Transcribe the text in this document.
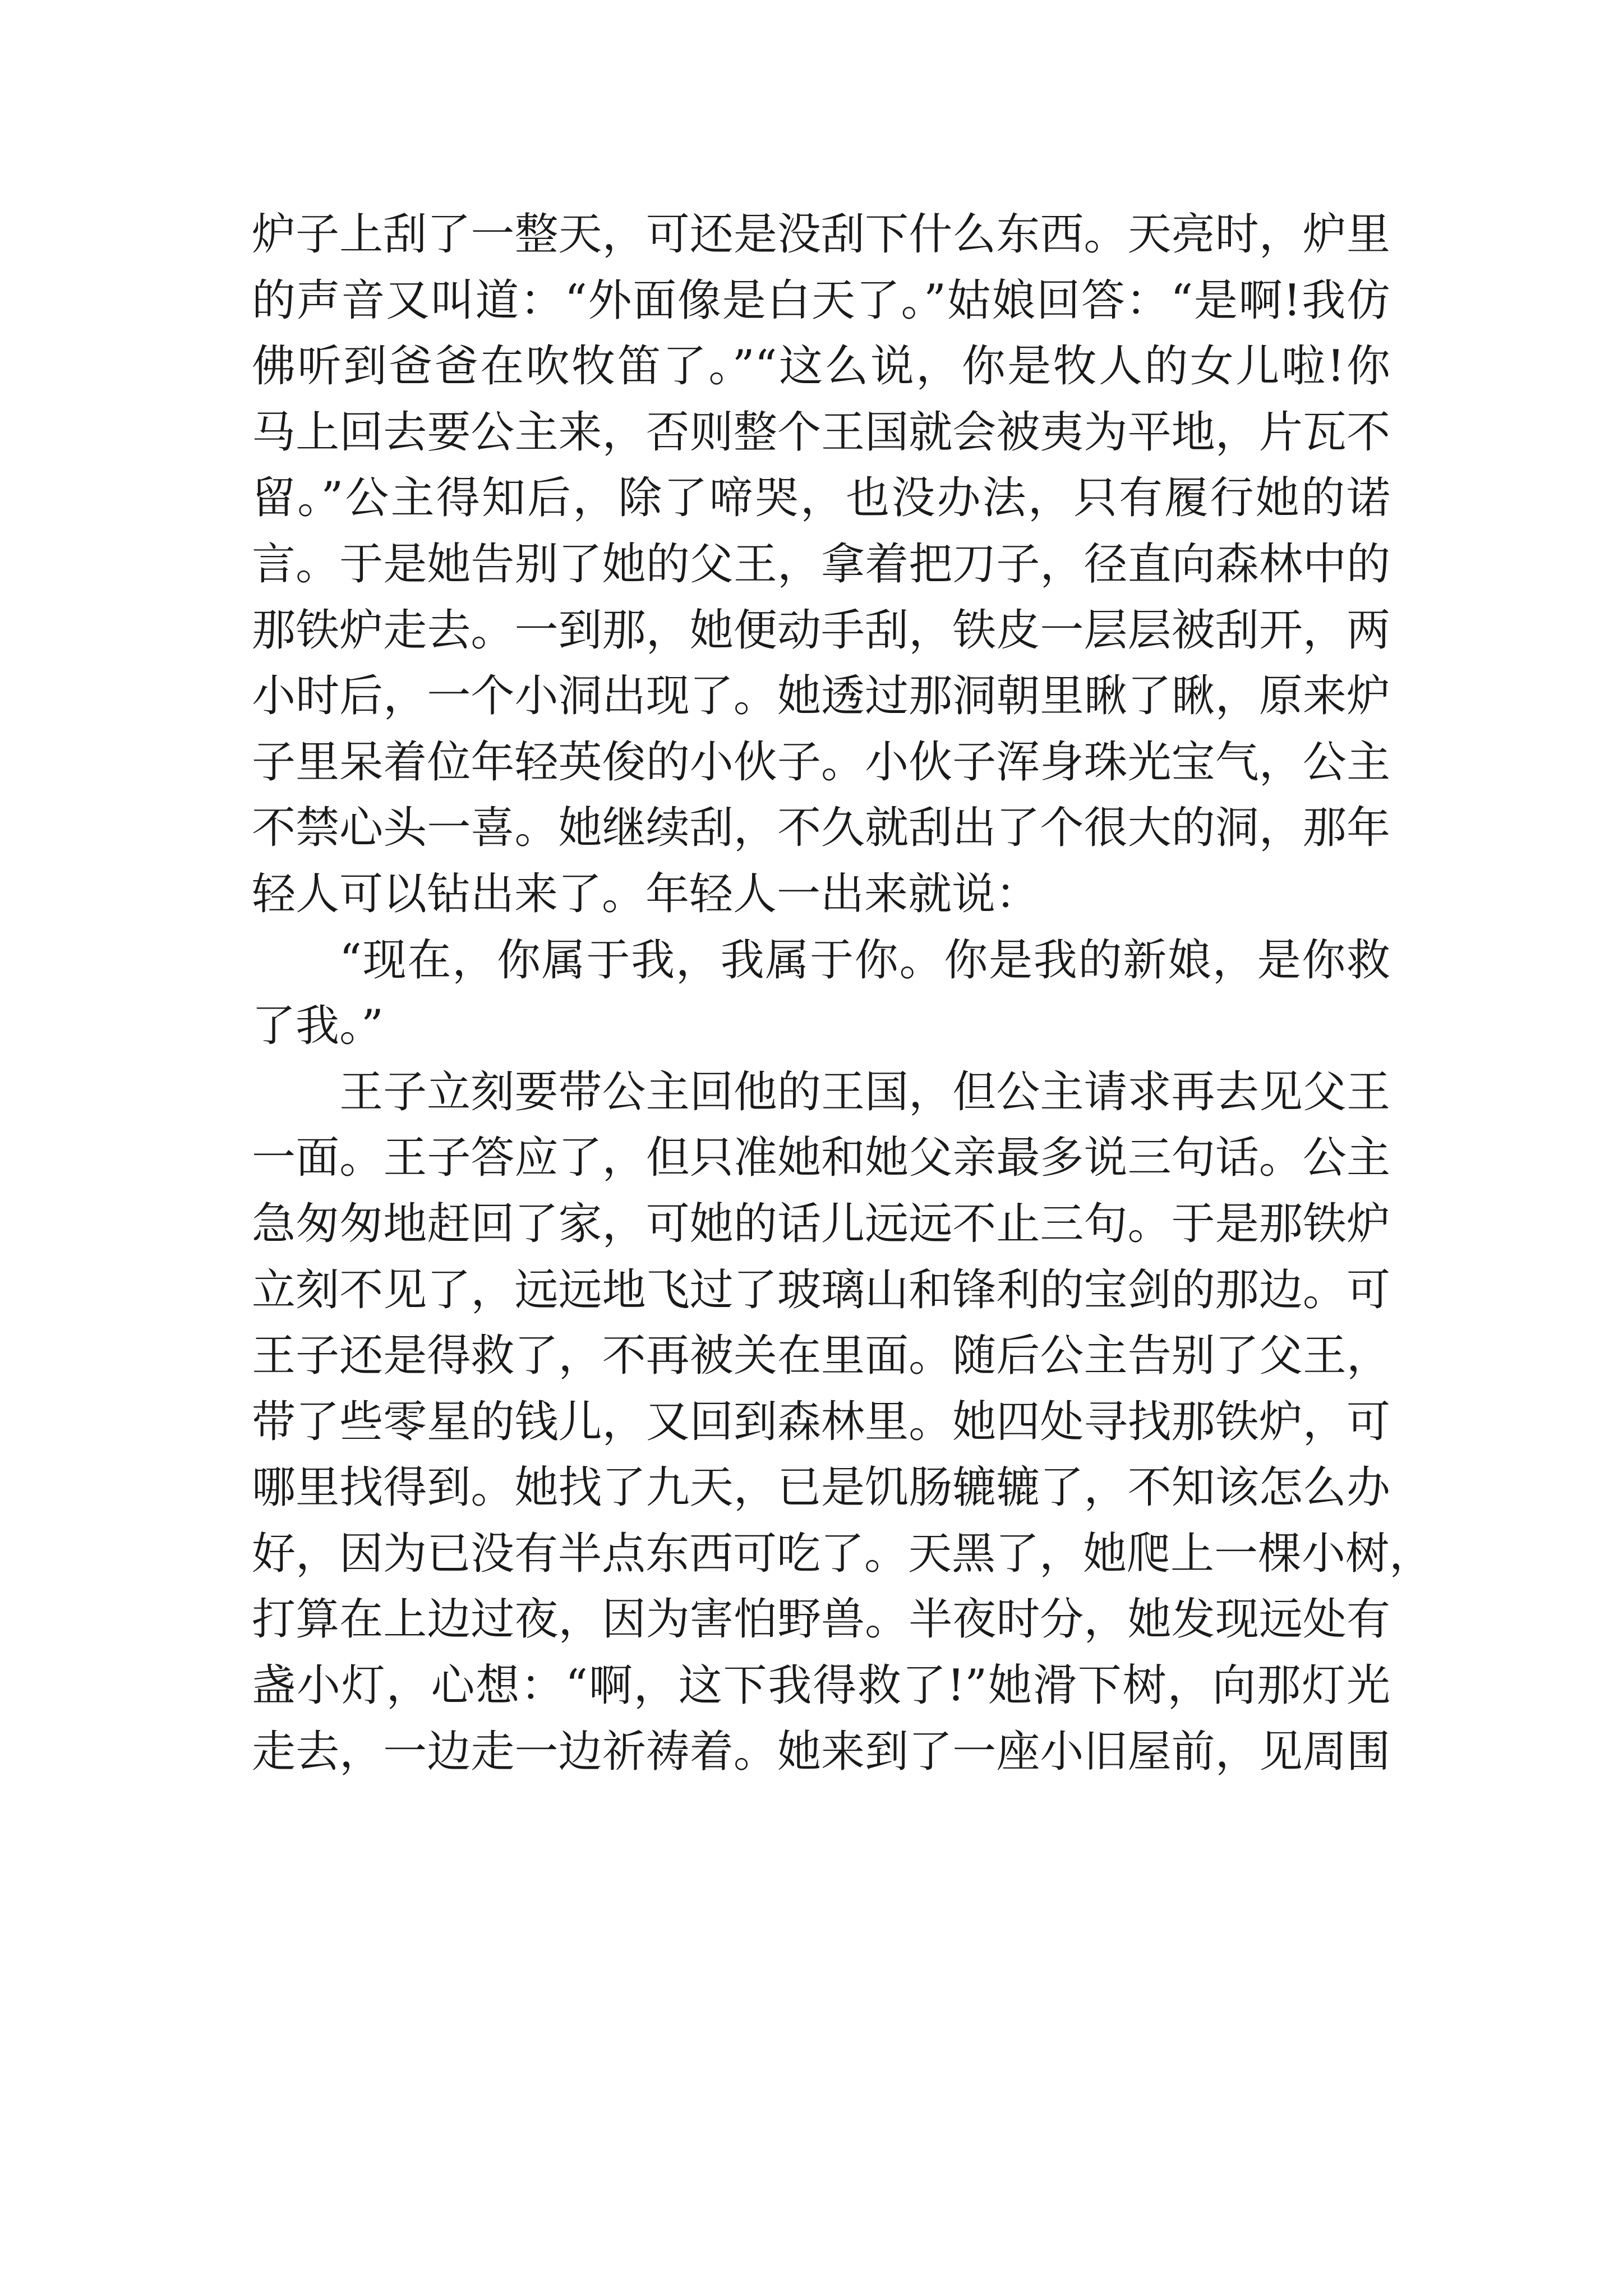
炉子上刮了一整天，可还是没刮下什么东西。天亮时，炉里
的声音又叫道：“外面像是白天了。”姑娘回答：“是啊!我仿
佛听到爸爸在吹牧笛了。”“这么说，你是牧人的女儿啦!你
马上回去要公主来，否则整个王国就会被夷为平地，片瓦不
留。”公主得知后，除了啼哭，也没办法，只有履行她的诺
言。于是她告别了她的父王，拿着把刀子，径直向森林中的
那铁炉走去。一到那，她便动手刮，铁皮一层层被刮开，两
小时后，一个小洞出现了。她透过那洞朝里瞅了瞅，原来炉
子里呆着位年轻英俊的小伙子。小伙子浑身珠光宝气，公主
不禁心头一喜。她继续刮，不久就刮出了个很大的洞，那年
轻人可以钻出来了。年轻人一出来就说：
“现在，你属于我，我属于你。你是我的新娘，是你救
了我。”
王子立刻要带公主回他的王国，但公主请求再去见父王
一面。王子答应了，但只准她和她父亲最多说三句话。公主
急匆匆地赶回了家，可她的话儿远远不止三句。于是那铁炉
立刻不见了，远远地飞过了玻璃山和锋利的宝剑的那边。可
王子还是得救了，不再被关在里面。随后公主告别了父王，
带了些零星的钱儿，又回到森林里。她四处寻找那铁炉，可
哪里找得到。她找了九天，已是饥肠辘辘了，不知该怎么办
好，因为已没有半点东西可吃了。天黑了，她爬上一棵小树，
打算在上边过夜，因为害怕野兽。半夜时分，她发现远处有
盏小灯，心想：“啊，这下我得救了!”她滑下树，向那灯光
走去，一边走一边祈祷着。她来到了一座小旧屋前，见周围
